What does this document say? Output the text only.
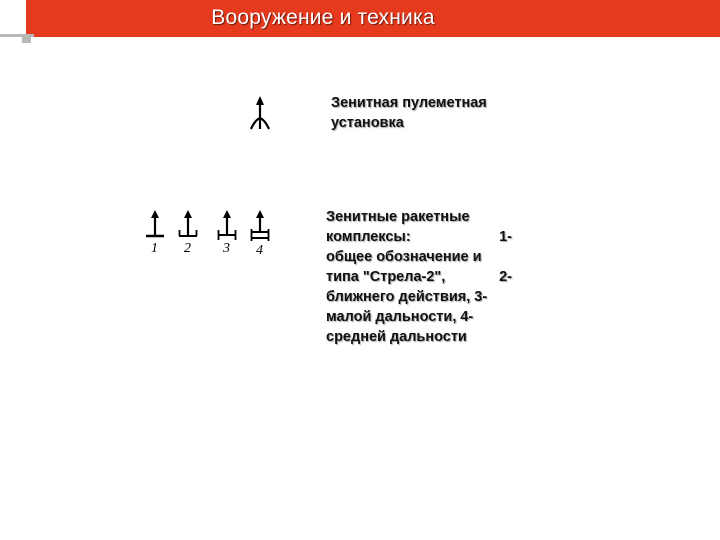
Вооружение и техника
Зенитная пулеметная
установка
1 2 3 4
Зенитные ракетные
комплексы:	1-
общее обозначение и
типа "Стрела-2",	2-
ближнего действия, 3-
малой дальности, 4-
средней дальности
